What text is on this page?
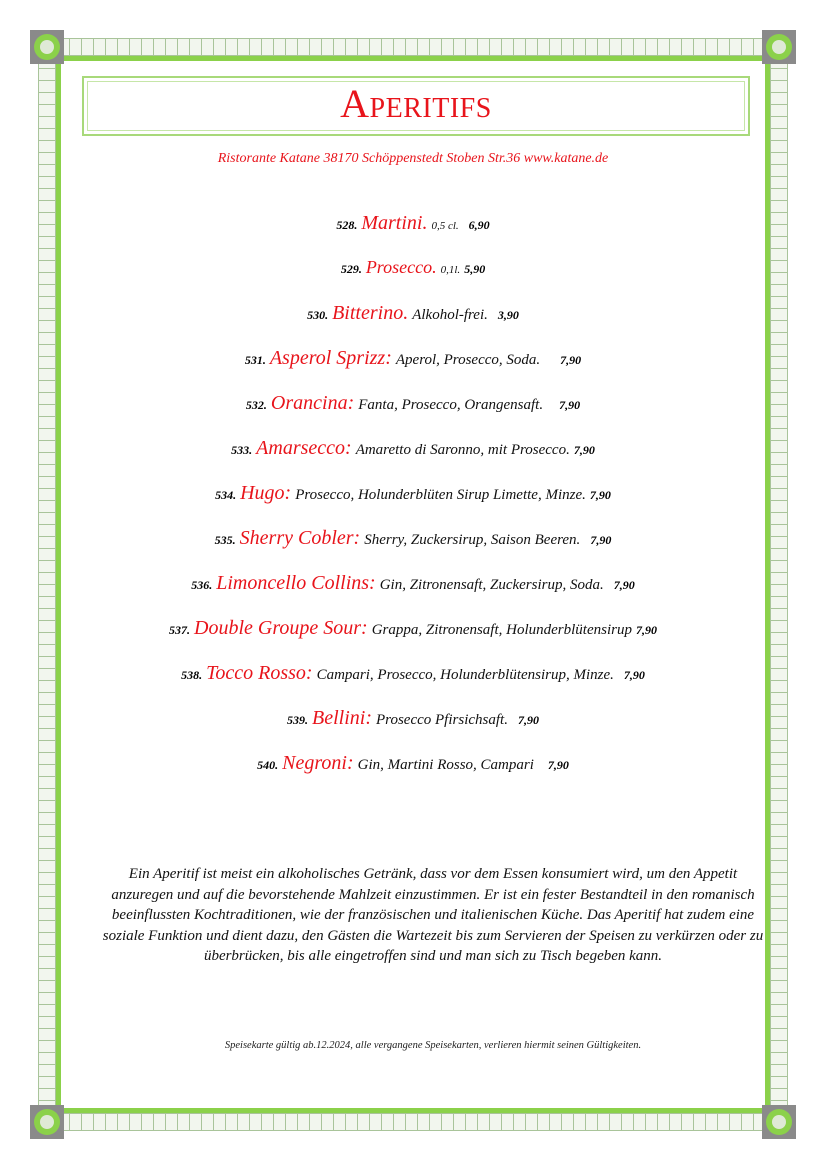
Aperitifs
Ristorante Katane 38170 Schöppenstedt Stoben Str.36 www.katane.de
528. Martini. 0,5 cl. 6,90
529. Prosecco. 0,1l. 5,90
530. Bitterino. Alkohol-frei. 3,90
531. Asperol Sprizz: Aperol, Prosecco, Soda. 7,90
532. Orancina: Fanta, Prosecco, Orangensaft. 7,90
533. Amarsecco: Amaretto di Saronno, mit Prosecco. 7,90
534. Hugo: Prosecco, Holunderblüten Sirup Limette, Minze. 7,90
535. Sherry Cobler: Sherry, Zuckersirup, Saison Beeren. 7,90
536. Limoncello Collins: Gin, Zitronensaft, Zuckersirup, Soda. 7,90
537. Double Groupe Sour: Grappa, Zitronensaft, Holunderblütensirup 7,90
538. Tocco Rosso: Campari, Prosecco, Holunderblütensirup, Minze. 7,90
539. Bellini: Prosecco Pfirsichsaft. 7,90
540. Negroni: Gin, Martini Rosso, Campari 7,90
Ein Aperitif ist meist ein alkoholisches Getränk, dass vor dem Essen konsumiert wird, um den Appetit anzuregen und auf die bevorstehende Mahlzeit einzustimmen. Er ist ein fester Bestandteil in den romanisch beeinflussten Kochtraditionen, wie der französischen und italienischen Küche. Das Aperitif hat zudem eine soziale Funktion und dient dazu, den Gästen die Wartezeit bis zum Servieren der Speisen zu verkürzen oder zu überbrücken, bis alle eingetroffen sind und man sich zu Tisch begeben kann.
Speisekarte gültig ab.12.2024, alle vergangene Speisekarten, verlieren hiermit seinen Gültigkeiten.
